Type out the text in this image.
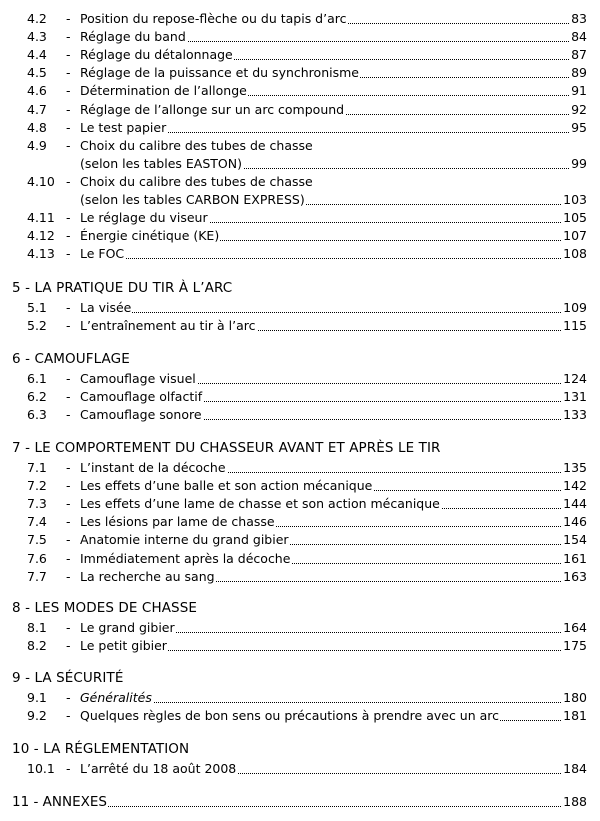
4.2 - Position du repose-flèche ou du tapis d’arc	83
4.3 - Réglage du band	84
4.4 - Réglage du détalonnage	87
4.5 - Réglage de la puissance et du synchronisme	89
4.6 - Détermination de l’allonge	91
4.7 - Réglage de l’allonge sur un arc compound	92
4.8 - Le test papier	95
4.9 - Choix du calibre des tubes de chasse
(selon les tables EASTON)	99
4.10 - Choix du calibre des tubes de chasse
(selon les tables CARBON EXPRESS)	103
4.11 - Le réglage du viseur	105
4.12 - Énergie cinétique (KE)	107
4.13 - Le FOC	108
5 - LA PRATIQUE DU TIR À L’ARC
5.1 - La visée	109
5.2 - L’entraînement au tir à l’arc	115
6 - CAMOUFLAGE
6.1 - Camouflage visuel	124
6.2 - Camouflage olfactif	131
6.3 - Camouflage sonore	133
7 - LE COMPORTEMENT DU CHASSEUR AVANT ET APRÈS LE TIR
7.1 - L’instant de la décoche	135
7.2 - Les effets d’une balle et son action mécanique	142
7.3 - Les effets d’une lame de chasse et son action mécanique	144
7.4 - Les lésions par lame de chasse	146
7.5 - Anatomie interne du grand gibier	154
7.6 - Immédiatement après la décoche	161
7.7 - La recherche au sang	163
8 - LES MODES DE CHASSE
8.1 - Le grand gibier	164
8.2 - Le petit gibier	175
9 - LA SÉCURITÉ
9.1 - Généralités	180
9.2 - Quelques règles de bon sens ou précautions à prendre avec un arc	181
10 - LA RÉGLEMENTATION
10.1 - L’arrêté du 18 août 2008	184
11 - ANNEXES	188
